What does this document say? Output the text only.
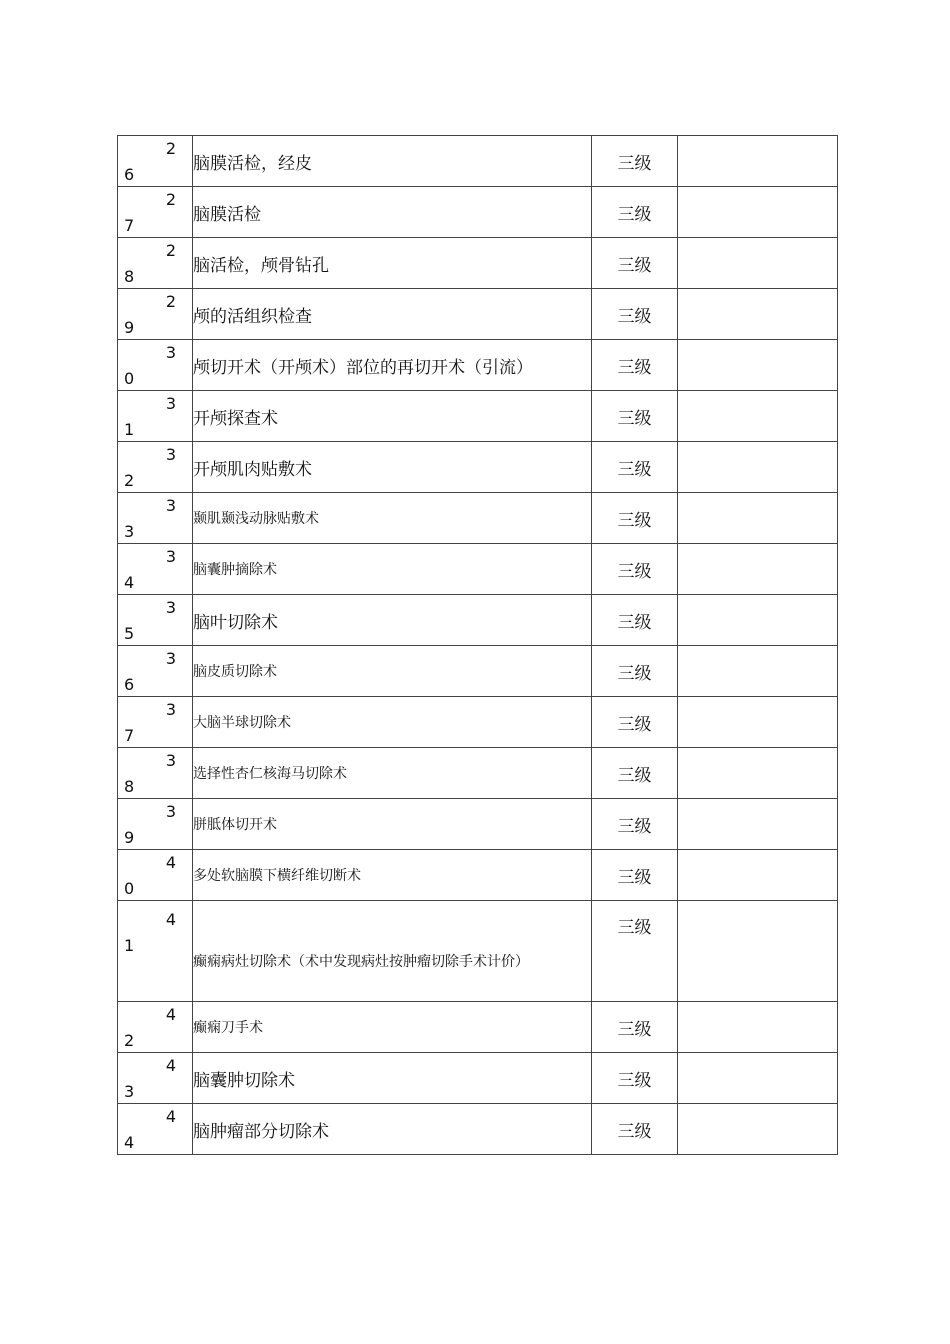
2
6	脑膜活检，经皮	三级	

2
7	脑膜活检	三级	

2
8	脑活检，颅骨钻孔	三级	

2
9	颅的活组织检查	三级	

3
0	颅切开术（开颅术）部位的再切开术（引流）	三级	

3
1	开颅探查术	三级	

3
2	开颅肌肉贴敷术	三级	

3
3	颞肌颞浅动脉贴敷术	三级	

3
4	脑囊肿摘除术	三级	

3
5	脑叶切除术	三级	

3
6	脑皮质切除术	三级	

3
7	大脑半球切除术	三级	

3
8	选择性杏仁核海马切除术	三级	

3
9	胼胝体切开术	三级	

4
0	多处软脑膜下横纤维切断术	三级	

4
1	癫痫病灶切除术（术中发现病灶按肿瘤切除手术计价）	三级	

4
2	癫痫刀手术	三级	

4
3	脑囊肿切除术	三级	

4
4	脑肿瘤部分切除术	三级	
